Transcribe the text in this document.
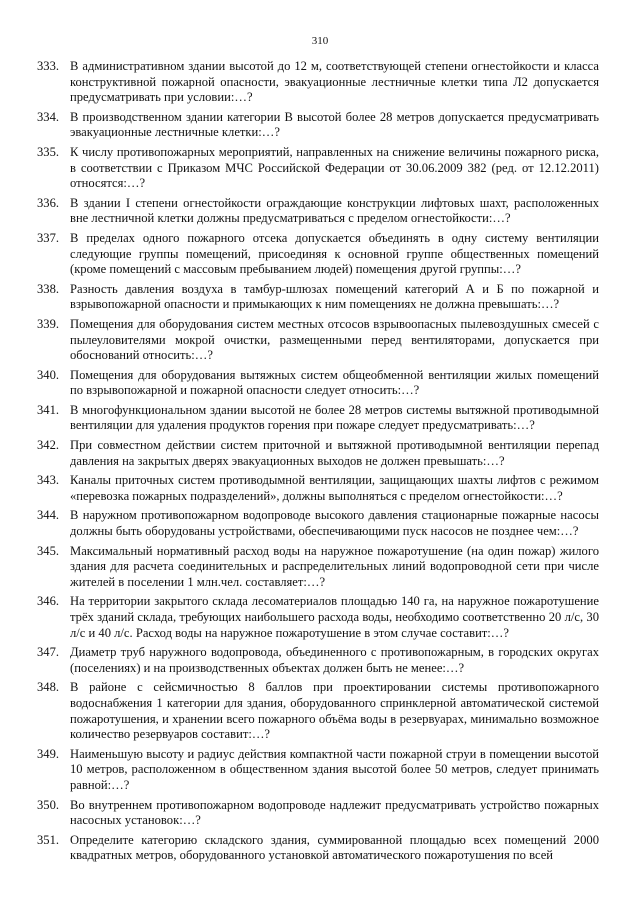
310
333. В административном здании высотой до 12 м, соответствующей степени огнестойкости и класса конструктивной пожарной опасности, эвакуационные лестничные клетки типа Л2 допускается предусматривать при условии:…?
334. В производственном здании категории В высотой более 28 метров допускается предусматривать эвакуационные лестничные клетки:…?
335. К числу противопожарных мероприятий, направленных на снижение величины пожарного риска, в соответствии с Приказом МЧС Российской Федерации от 30.06.2009 382 (ред. от 12.12.2011) относятся:…?
336. В здании I степени огнестойкости ограждающие конструкции лифтовых шахт, расположенных вне лестничной клетки должны предусматриваться с пределом огнестойкости:…?
337. В пределах одного пожарного отсека допускается объединять в одну систему вентиляции следующие группы помещений, присоединяя к основной группе общественных помещений (кроме помещений с массовым пребыванием людей) помещения другой группы:…?
338. Разность давления воздуха в тамбур-шлюзах помещений категорий А и Б по пожарной и взрывопожарной опасности и примыкающих к ним помещениях не должна превышать:…?
339. Помещения для оборудования систем местных отсосов взрывоопасных пылевоздушных смесей с пылеуловителями мокрой очистки, размещенными перед вентиляторами, допускается при обоснований относить:…?
340. Помещения для оборудования вытяжных систем общеобменной вентиляции жилых помещений по взрывопожарной и пожарной опасности следует относить:…?
341. В многофункциональном здании высотой не более 28 метров системы вытяжной противодымной вентиляции для удаления продуктов горения при пожаре следует предусматривать:…?
342. При совместном действии систем приточной и вытяжной противодымной вентиляции перепад давления на закрытых дверях эвакуационных выходов не должен превышать:…?
343. Каналы приточных систем противодымной вентиляции, защищающих шахты лифтов с режимом «перевозка пожарных подразделений», должны выполняться с пределом огнестойкости:…?
344. В наружном противопожарном водопроводе высокого давления стационарные пожарные насосы должны быть оборудованы устройствами, обеспечивающими пуск насосов не позднее чем:…?
345. Максимальный нормативный расход воды на наружное пожаротушение (на один пожар) жилого здания для расчета соединительных и распределительных линий водопроводной сети при числе жителей в поселении 1 млн.чел. составляет:…?
346. На территории закрытого склада лесоматериалов площадью 140 га, на наружное пожаротушение трёх зданий склада, требующих наибольшего расхода воды, необходимо соответственно 20 л/с, 30 л/с и 40 л/с. Расход воды на наружное пожаротушение в этом случае составит:…?
347. Диаметр труб наружного водопровода, объединенного с противопожарным, в городских округах (поселениях) и на производственных объектах должен быть не менее:…?
348. В районе с сейсмичностью 8 баллов при проектировании системы противопожарного водоснабжения 1 категории для здания, оборудованного спринклерной автоматической системой пожаротушения, и хранении всего пожарного объёма воды в резервуарах, минимально возможное количество резервуаров составит:…?
349. Наименьшую высоту и радиус действия компактной части пожарной струи в помещении высотой 10 метров, расположенном в общественном здания высотой более 50 метров, следует принимать равной:…?
350. Во внутреннем противопожарном водопроводе надлежит предусматривать устройство пожарных насосных установок:…?
351. Определите категорию складского здания, суммированной площадью всех помещений 2000 квадратных метров, оборудованного установкой автоматического пожаротушения по всей
